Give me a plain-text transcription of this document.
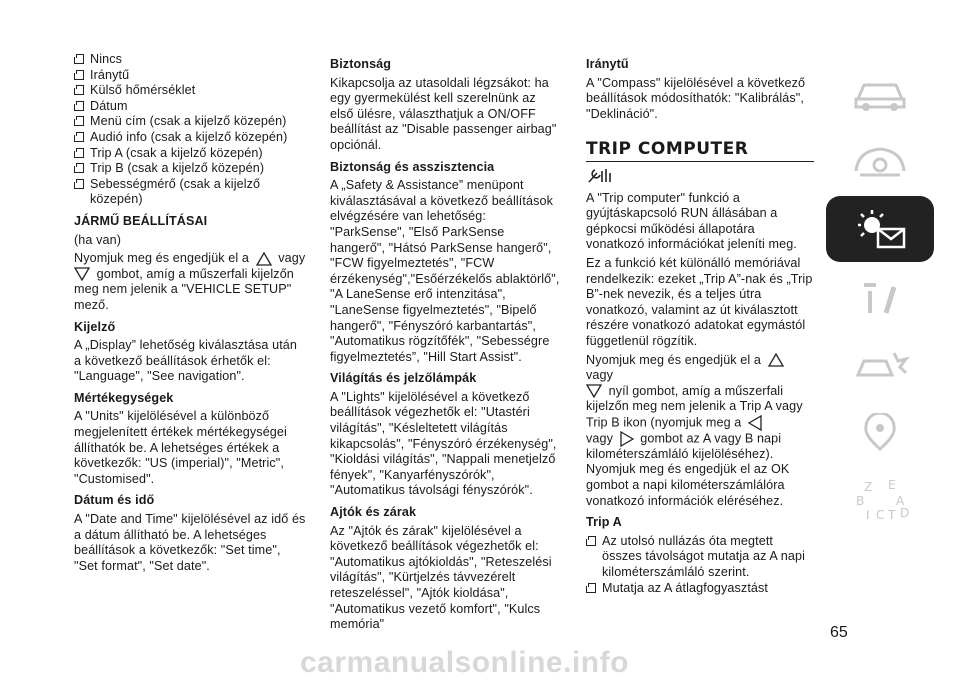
Nincs
Iránytű
Külső hőmérséklet
Dátum
Menü cím (csak a kijelző közepén)
Audió info (csak a kijelző közepén)
Trip A (csak a kijelző közepén)
Trip B (csak a kijelző közepén)
Sebességmérő (csak a kijelző közepén)
JÁRMŰ BEÁLLÍTÁSAI

(ha van)

Nyomjuk meg és engedjük el a vagy
gombot, amíg a műszerfali kijelzőn meg nem jelenik a "VEHICLE SETUP" mező.

Kijelző

A „Display” lehetőség kiválasztása után a következő beállítások érhetők el: "Language", "See navigation".

Mértékegységek

A "Units" kijelölésével a különböző megjelenített értékek mértékegységei állíthatók be. A lehetséges értékek a következők: "US (imperial)", "Metric", "Customised".

Dátum és idő

A "Date and Time" kijelölésével az idő és a dátum állítható be. A lehetséges beállítások a következők: "Set time", "Set format", "Set date".

Biztonság

Kikapcsolja az utasoldali légzsákot: ha egy gyermekülést kell szerelnünk az első ülésre, választhatjuk a ON/OFF beállítást az "Disable passenger airbag" opciónál.

Biztonság és asszisztencia

A „Safety & Assistance” menüpont kiválasztásával a következő beállítások elvégzésére van lehetőség: "ParkSense", "Első ParkSense hangerő", "Hátsó ParkSense hangerő", "FCW figyelmeztetés", "FCW érzékenység","Esőérzékelős ablaktörlő", "A LaneSense erő intenzitása", "LaneSense figyelmeztetés", "Bipelő hangerő", "Fényszóró karbantartás", "Automatikus rögzítőfék", "Sebességre figyelmeztetés”, "Hill Start Assist".

Világítás és jelzőlámpák

A "Lights" kijelölésével a következő beállítások végezhetők el: "Utastéri világítás", "Késleltetett világítás kikapcsolás", "Fényszóró érzékenység", "Kioldási világítás", "Nappali menetjelző fények", "Kanyarfényszórók", "Automatikus távolsági fényszórók".

Ajtók és zárak

Az "Ajtók és zárak" kijelölésével a következő beállítások végezhetők el: "Automatikus ajtókioldás", "Reteszelési világítás", "Kürtjelzés távvezérelt reteszeléssel", "Ajtók kioldása", "Automatikus vezető komfort", "Kulcs memória"

Iránytű

A "Compass" kijelölésével a következő beállítások módosíthatók: "Kalibrálás", "Deklináció".

TRIP COMPUTER

A "Trip computer" funkció a gyújtáskapcsoló RUN állásában a gépkocsi működési állapotára vonatkozó információkat jeleníti meg.

Ez a funkció két különálló memóriával rendelkezik: ezeket „Trip A”-nak és „Trip B”-nek nevezik, és a teljes útra vonatkozó, valamint az út kiválasztott részére vonatkozó adatokat egymástól függetlenül rögzítik.

Nyomjuk meg és engedjük el a  vagy
nyíl gombot, amíg a műszerfali kijelzőn meg nem jelenik a Trip A vagy Trip B ikon (nyomjuk meg a
vagy gombot az A vagy B napi kilométerszámláló kijelöléséhez). Nyomjuk meg és engedjük el az OK gombot a napi kilométerszámlálóra vonatkozó információk eléréséhez.

Trip A
Az utolsó nullázás óta megtett összes távolságot mutatja az A napi kilométerszámláló szerint.
Mutatja az A átlagfogyasztást
Z E
B	A
I C T D
65
carmanualsonline.info
